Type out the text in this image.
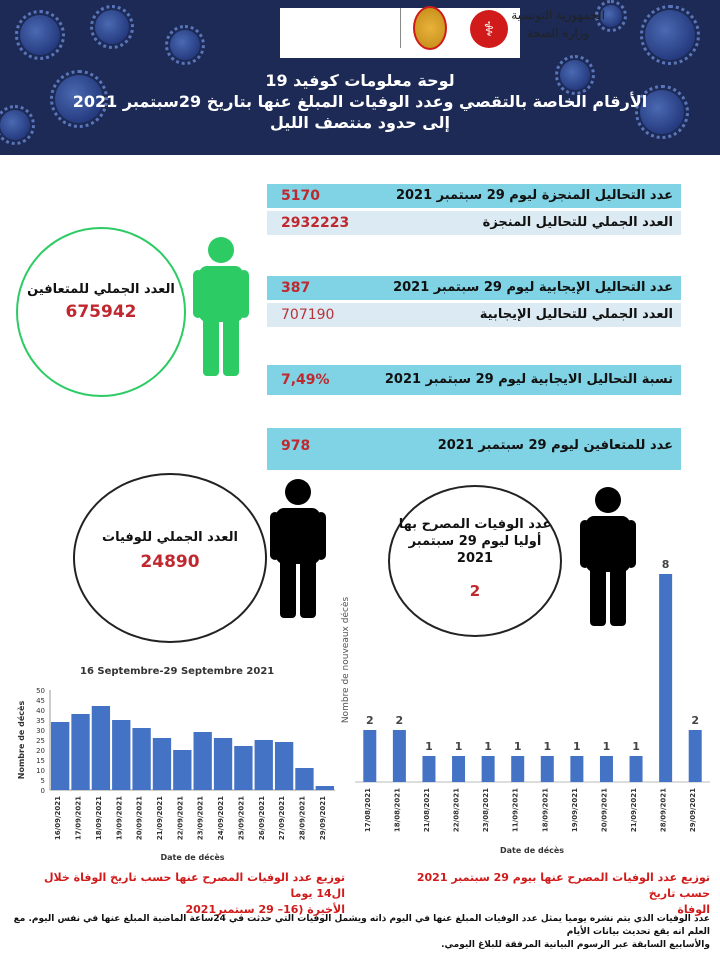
الجمهورية التونسية
وزارة الصحة
⚕
لوحة معلومات كوفيد 19
الأرقام الخاصة بالتقصي وعدد الوفيات المبلغ عنها بتاريخ 29سبتمبر 2021
إلى حدود منتصف الليل
عدد التحاليل المنجزة ليوم 29 سبتمبر 2021
5170
العدد الجملي للتحاليل المنجزة
2932223
عدد التحاليل الإيجابية ليوم 29 سبتمبر 2021
387
العدد الجملي للتحاليل الإيجابية
707190
نسبة التحاليل الايجابية ليوم 29 سبتمبر 2021
7,49%
عدد للمتعافين ليوم 29 سبتمبر 2021
978
العدد الجملي للمتعافين
675942
العدد الجملي للوفيات
24890
عدد الوفيات المصرح بها
أوليا ليوم 29 سبتمبر
2021
2
16 Septembre-29 Septembre 2021
0
5
10
15
20
25
30
35
40
45
50
16/09/2021 17/09/2021 18/09/2021 19/09/2021 20/09/2021 21/09/2021 22/09/2021 23/09/2021 24/09/2021 25/09/2021 26/09/2021 27/09/2021 28/09/2021 29/09/2021
Nombre de décès
Date de décès
2
17/08/2021
2
18/08/2021
1
21/08/2021
1
22/08/2021
1
23/08/2021
1
11/09/2021
1
18/09/2021
1
19/09/2021
1
20/09/2021
1
21/09/2021
8
28/09/2021
2
29/09/2021
Nombre de nouveaux décès
Date de décès
توزيع عدد الوفيات المصرح عنها حسب تاريخ الوفاة خلال ال14 يوما
الأخيرة (16– 29 سبتمبر2021
توزيع عدد الوفيات المصرح عنها بيوم 29 سبتمبر 2021 حسب تاريخ
الوفاة
عدد الوفيات الذي يتم نشره يوميا يمثل عدد الوفيات المبلغ عنها في اليوم ذاته ويشمل الوفيات التي حدثت في 24ساعة الماضية المبلغ عنها في نفس اليوم. مع العلم انه يقع تحديث بيانات الأيام
والأسابيع السابقة عبر الرسوم البيانية المرفقة للبلاغ اليومي.
